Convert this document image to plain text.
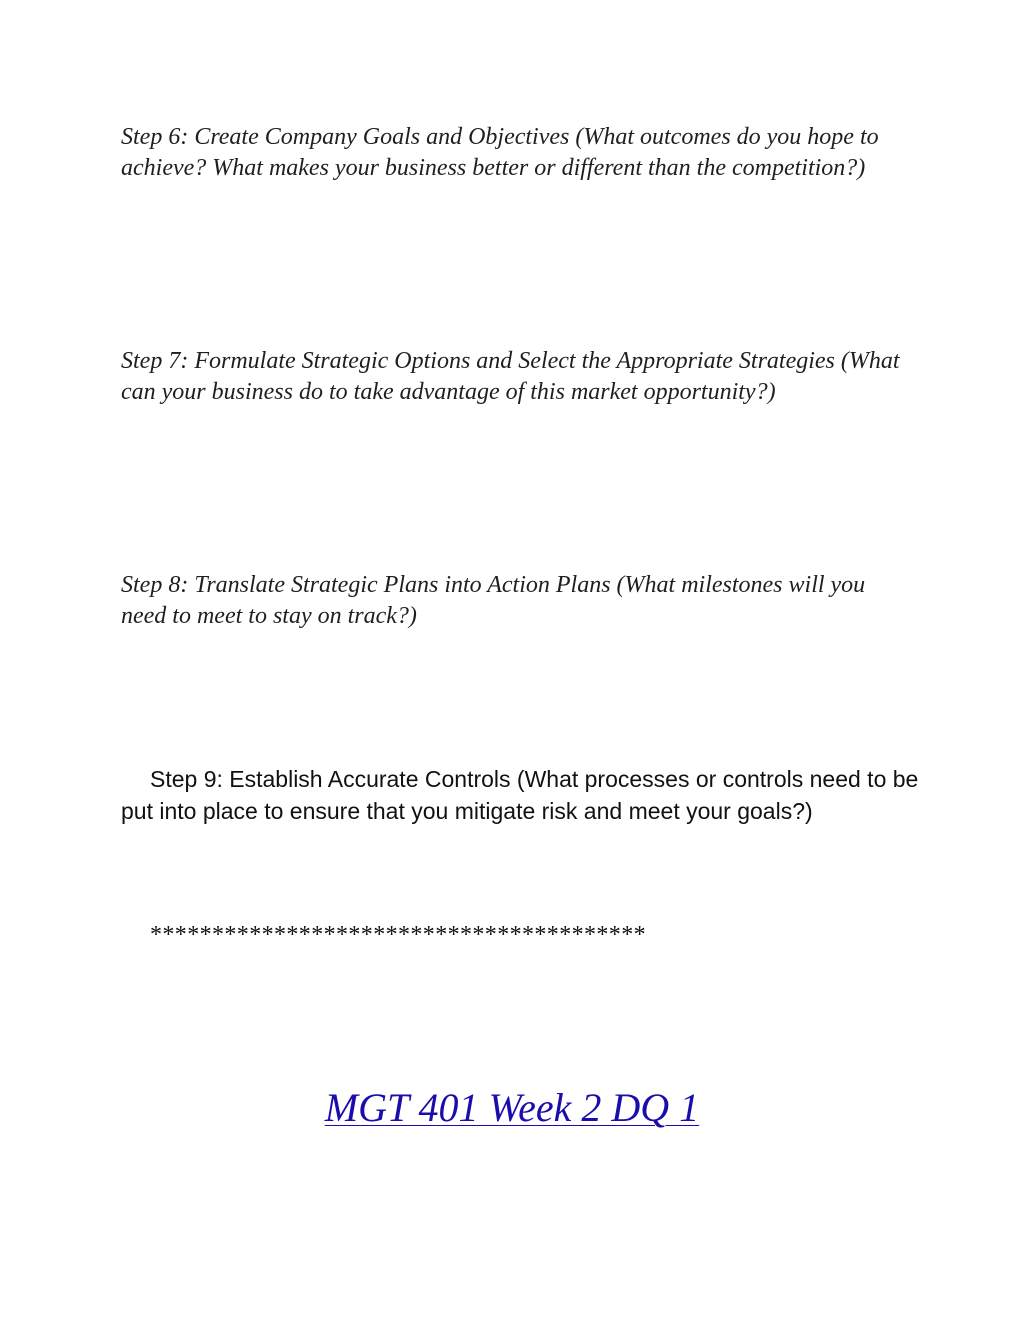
Step 6: Create Company Goals and Objectives (What outcomes do you hope to achieve? What makes your business better or different than the competition?)

Step 7: Formulate Strategic Options and Select the Appropriate Strategies (What can your business do to take advantage of this market opportunity?)

Step 8: Translate Strategic Plans into Action Plans (What milestones will you need to meet to stay on track?)

Step 9: Establish Accurate Controls (What processes or controls need to be put into place to ensure that you mitigate risk and meet your goals?)

****************************************

MGT 401 Week 2 DQ 1
